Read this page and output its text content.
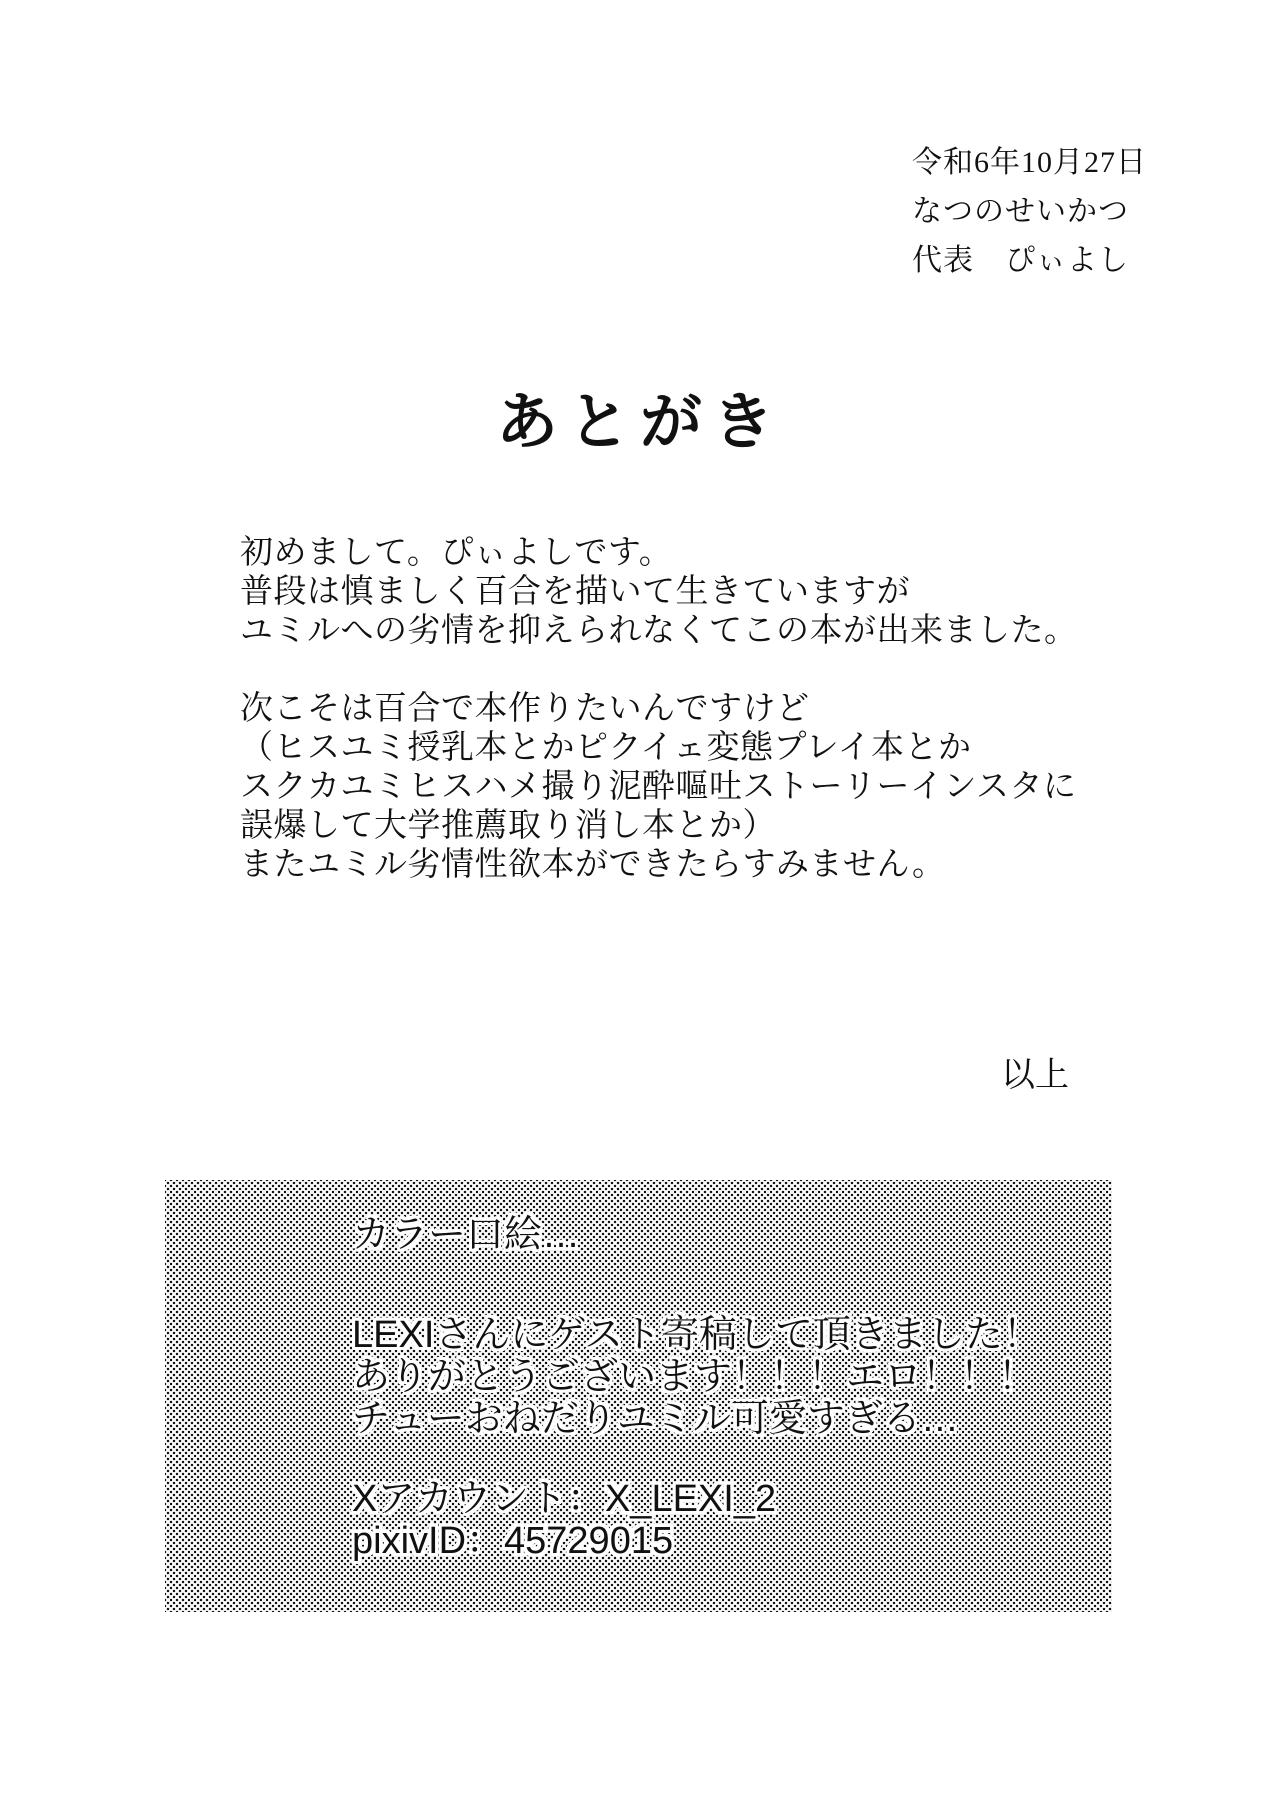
令和6年10月27日
なつのせいかつ
代表　ぴぃよし
あとがき
初めまして。ぴぃよしです。
普段は慎ましく百合を描いて生きていますが
ユミルへの劣情を抑えられなくてこの本が出来ました。
次こそは百合で本作りたいんですけど
（ヒスユミ授乳本とかピクイェ変態プレイ本とか
スクカユミヒスハメ撮り泥酔嘔吐ストーリーインスタに
誤爆して大学推薦取り消し本とか）
またユミル劣情性欲本ができたらすみません。
以上
カラー口絵…
LEXIさんにゲスト寄稿して頂きました！
ありがとうございます！！！エロ！！！
チューおねだりユミル可愛すぎる…
Xアカウント：X_LEXI_2
pixivID：45729015
